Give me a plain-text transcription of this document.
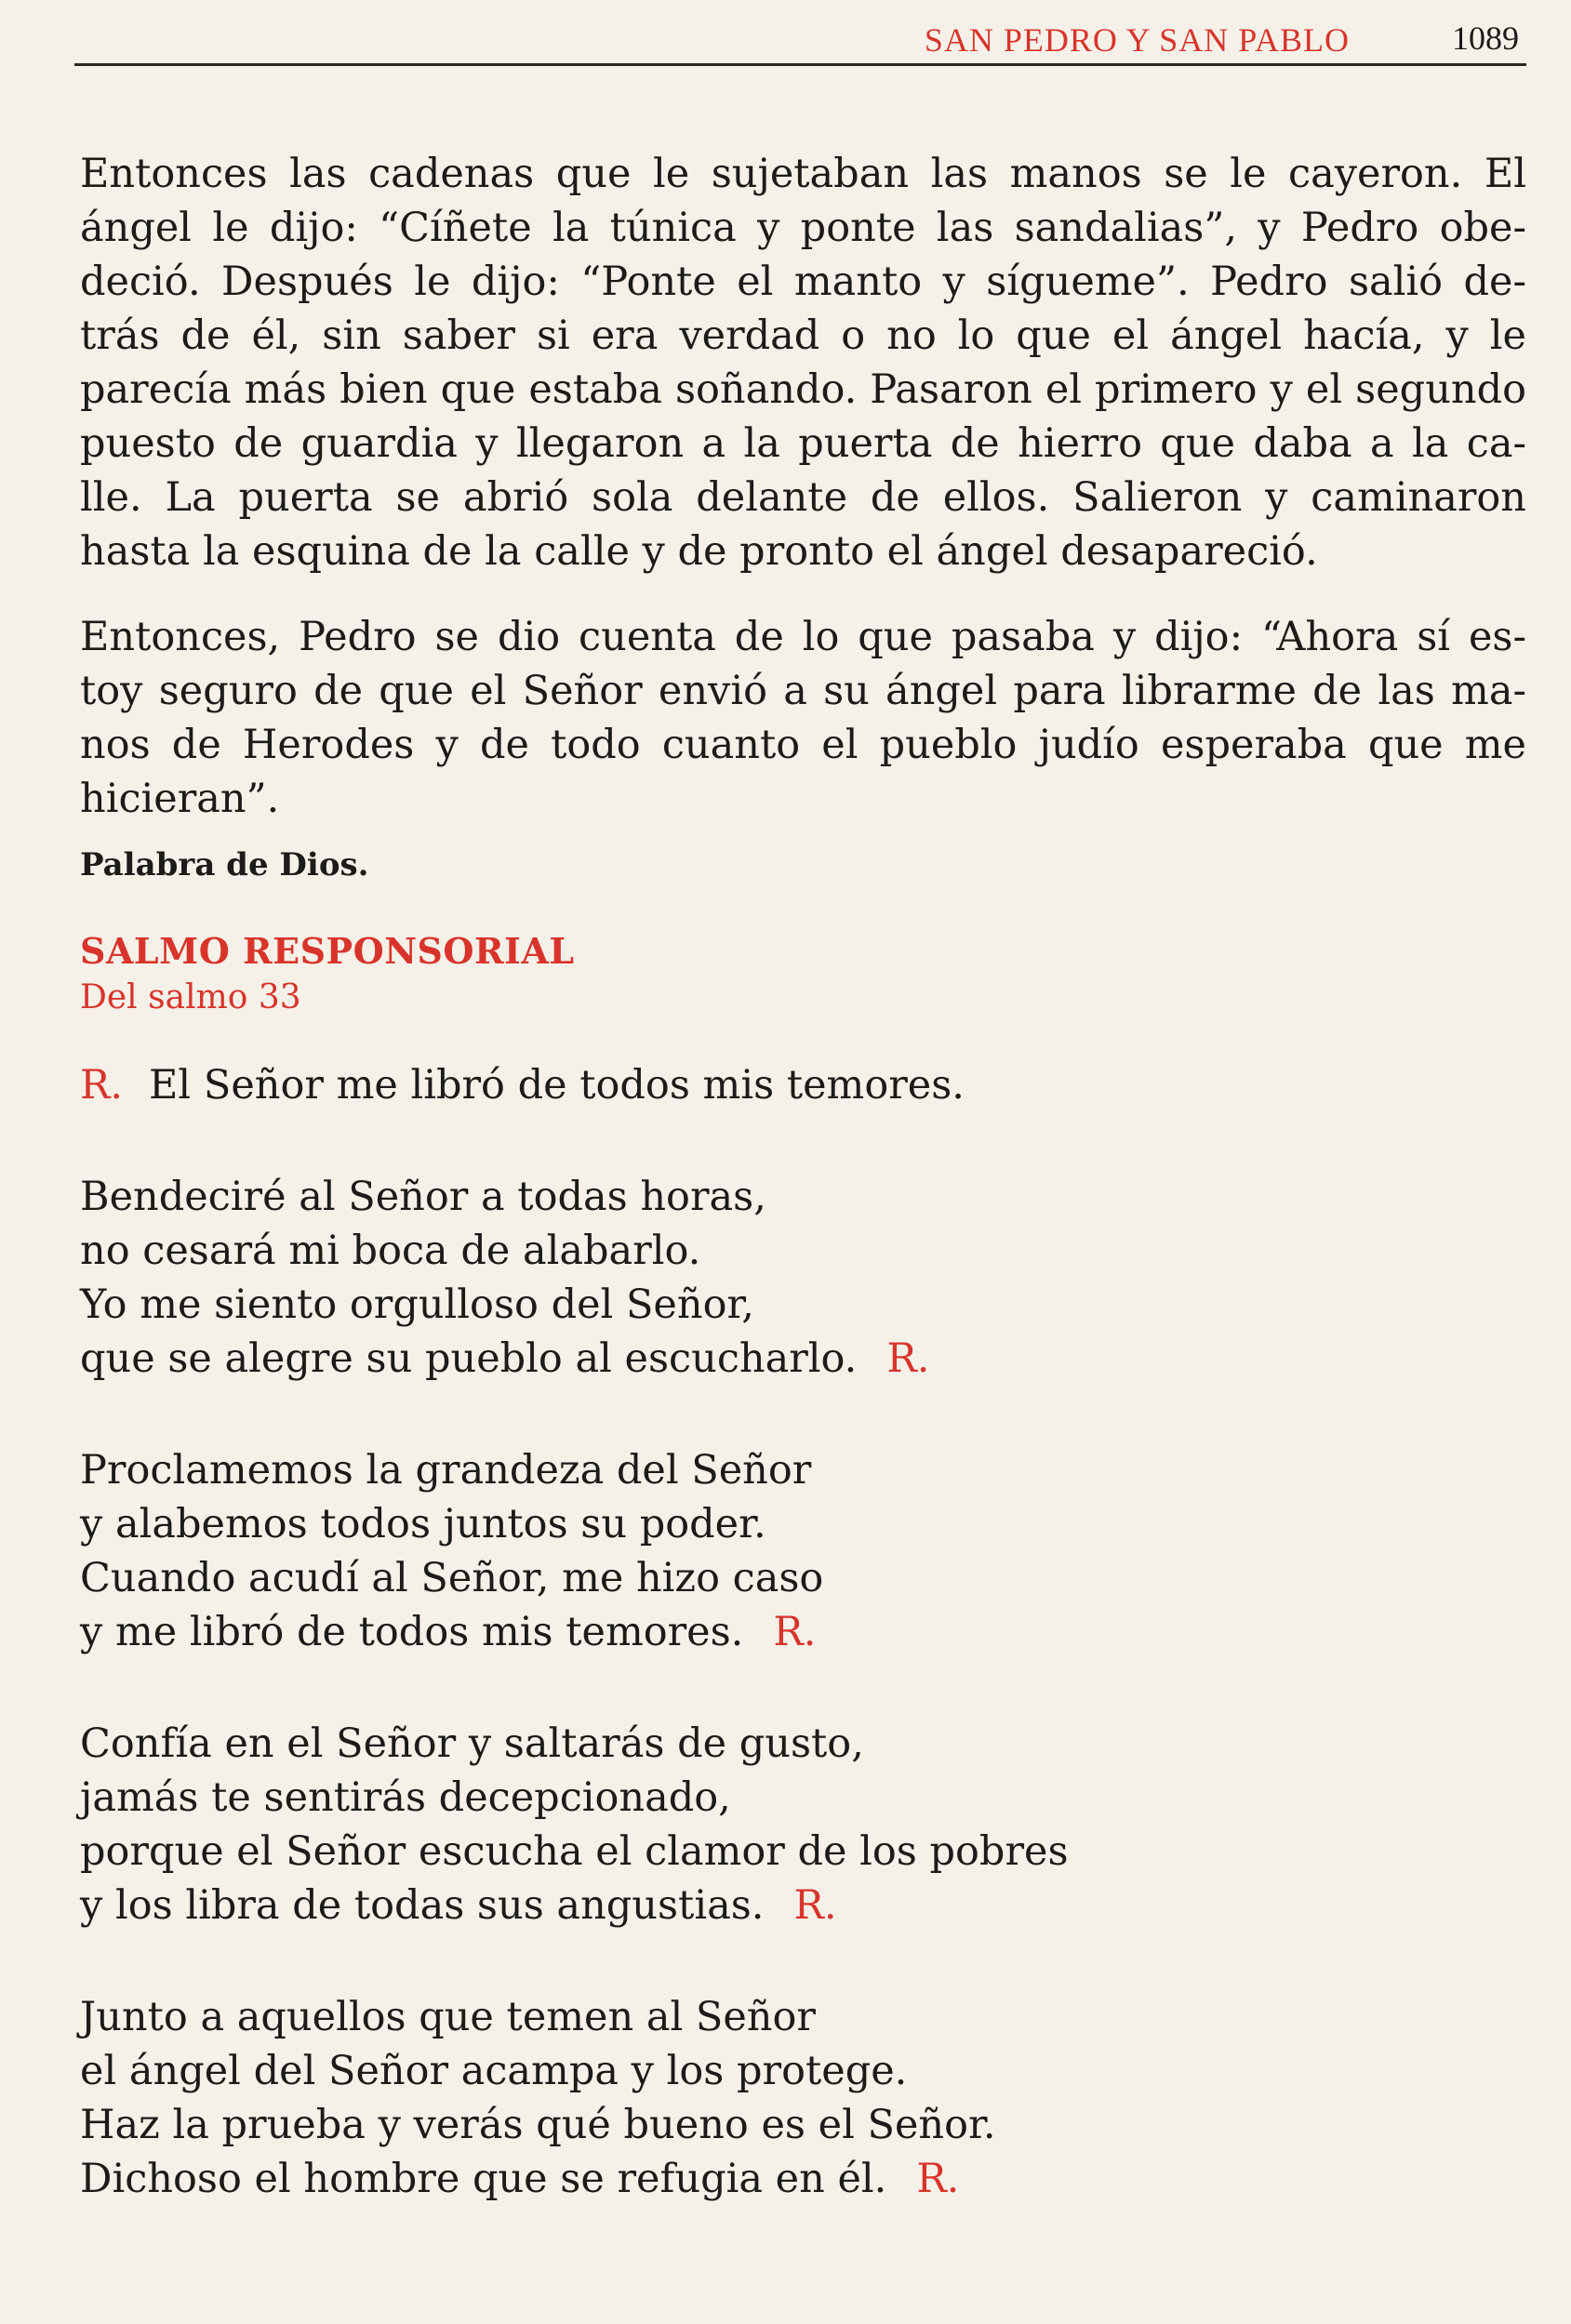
SAN PEDRO Y SAN PABLO	1089
Entonces las cadenas que le sujetaban las manos se le cayeron. El
ángel le dijo: “Cíñete la túnica y ponte las sandalias”, y Pedro obe-
deció. Después le dijo: “Ponte el manto y sígueme”. Pedro salió de-
trás de él, sin saber si era verdad o no lo que el ángel hacía, y le
parecía más bien que estaba soñando. Pasaron el primero y el segundo
puesto de guardia y llegaron a la puerta de hierro que daba a la ca-
lle. La puerta se abrió sola delante de ellos. Salieron y caminaron
hasta la esquina de la calle y de pronto el ángel desapareció.
Entonces, Pedro se dio cuenta de lo que pasaba y dijo: “Ahora sí es-
toy seguro de que el Señor envió a su ángel para librarme de las ma-
nos de Herodes y de todo cuanto el pueblo judío esperaba que me
hicieran”.
Palabra de Dios.
SALMO RESPONSORIAL
Del salmo 33
R. El Señor me libró de todos mis temores.
Bendeciré al Señor a todas horas,
no cesará mi boca de alabarlo.
Yo me siento orgulloso del Señor,
que se alegre su pueblo al escucharlo. R.
Proclamemos la grandeza del Señor
y alabemos todos juntos su poder.
Cuando acudí al Señor, me hizo caso
y me libró de todos mis temores. R.
Confía en el Señor y saltarás de gusto,
jamás te sentirás decepcionado,
porque el Señor escucha el clamor de los pobres
y los libra de todas sus angustias. R.
Junto a aquellos que temen al Señor
el ángel del Señor acampa y los protege.
Haz la prueba y verás qué bueno es el Señor.
Dichoso el hombre que se refugia en él. R.
